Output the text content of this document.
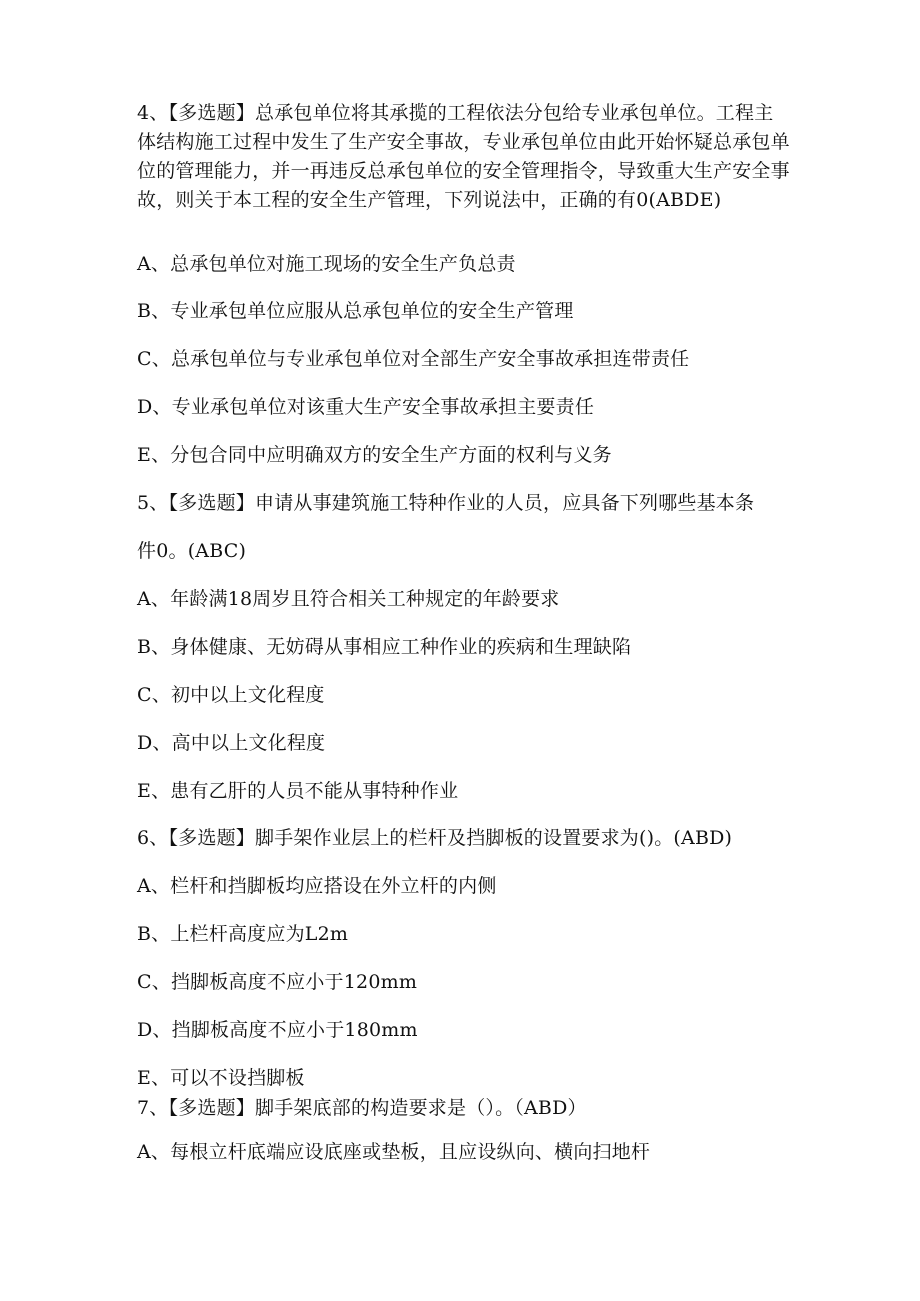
4、【多选题】总承包单位将其承揽的工程依法分包给专业承包单位。工程主体结构施工过程中发生了生产安全事故，专业承包单位由此开始怀疑总承包单位的管理能力，并一再违反总承包单位的安全管理指令，导致重大生产安全事故，则关于本工程的安全生产管理，下列说法中，正确的有0(ABDE)
A、总承包单位对施工现场的安全生产负总责
B、专业承包单位应服从总承包单位的安全生产管理
C、总承包单位与专业承包单位对全部生产安全事故承担连带责任
D、专业承包单位对该重大生产安全事故承担主要责任
E、分包合同中应明确双方的安全生产方面的权利与义务
5、【多选题】申请从事建筑施工特种作业的人员，应具备下列哪些基本条
件0。(ABC)
A、年龄满18周岁且符合相关工种规定的年龄要求
B、身体健康、无妨碍从事相应工种作业的疾病和生理缺陷
C、初中以上文化程度
D、高中以上文化程度
E、患有乙肝的人员不能从事特种作业
6、【多选题】脚手架作业层上的栏杆及挡脚板的设置要求为()。(ABD)
A、栏杆和挡脚板均应搭设在外立杆的内侧
B、上栏杆高度应为L2m
C、挡脚板高度不应小于120mm
D、挡脚板高度不应小于180mm
E、可以不设挡脚板
7、【多选题】脚手架底部的构造要求是（）。（ABD）
A、每根立杆底端应设底座或垫板，且应设纵向、横向扫地杆
